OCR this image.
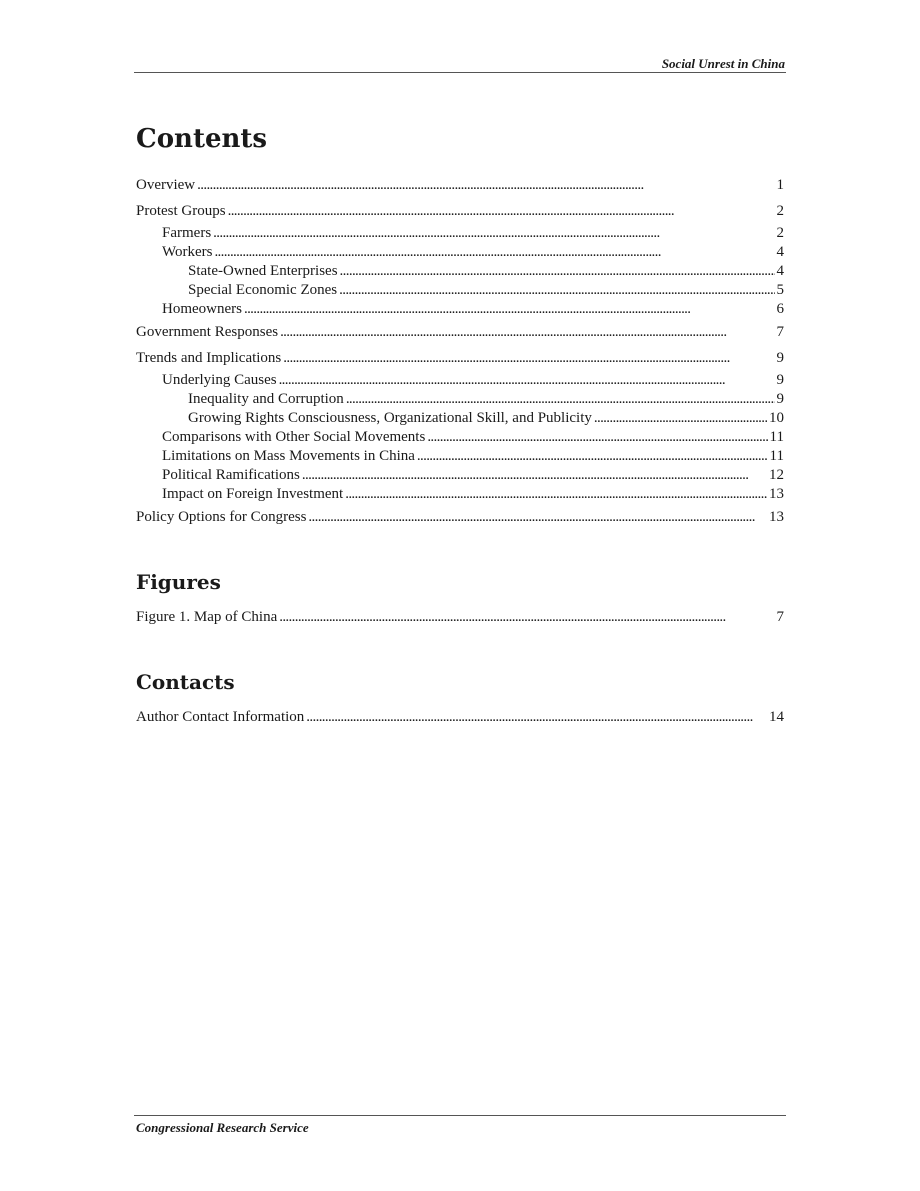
Social Unrest in China
Contents
Overview . . .	1
Protest Groups . . .	2
Farmers . . .	2
Workers . . .	4
State-Owned Enterprises . . .	4
Special Economic Zones . . .	5
Homeowners . . .	6
Government Responses . . .	7
Trends and Implications . . .	9
Underlying Causes . . .	9
Inequality and Corruption . . .	9
Growing Rights Consciousness, Organizational Skill, and Publicity . . .	10
Comparisons with Other Social Movements . . .	11
Limitations on Mass Movements in China . . .	11
Political Ramifications . . .	12
Impact on Foreign Investment . . .	13
Policy Options for Congress . . .	13
Figures
Figure 1. Map of China . . .	7
Contacts
Author Contact Information . . .	14
Congressional Research Service
